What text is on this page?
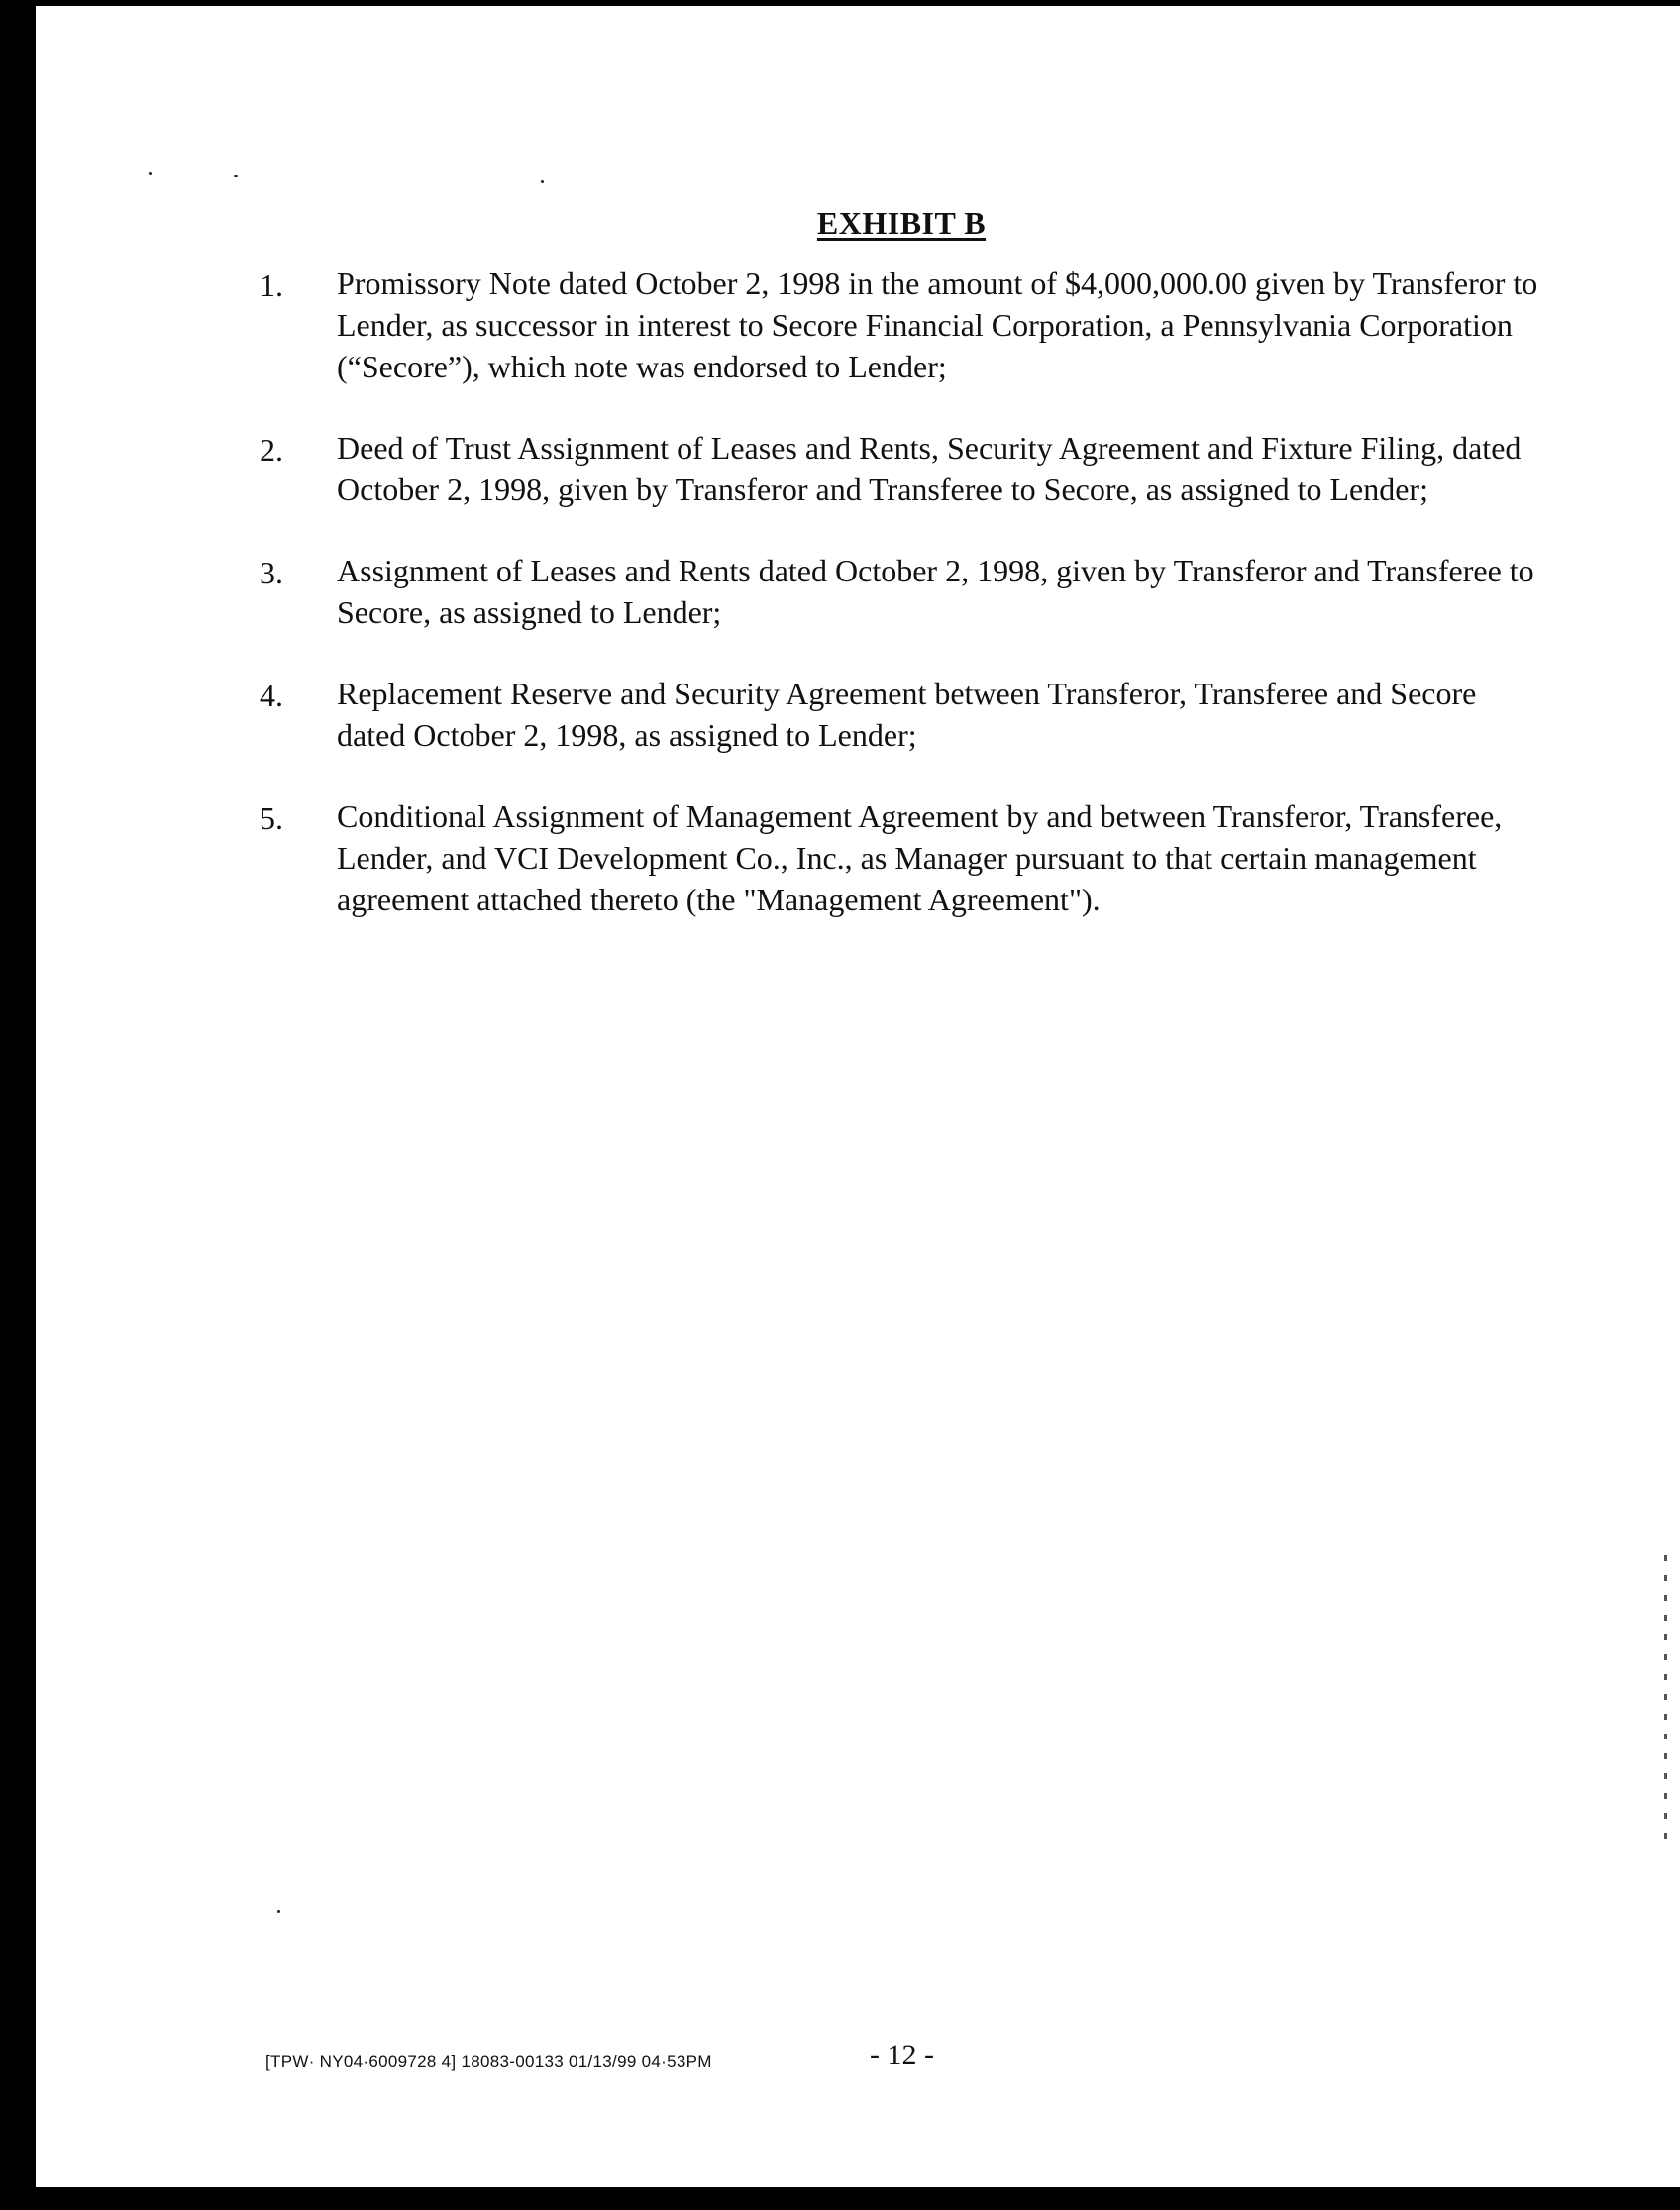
EXHIBIT B
1.	Promissory Note dated October 2, 1998 in the amount of $4,000,000.00 given by Transferor to Lender, as successor in interest to Secore Financial Corporation, a Pennsylvania Corporation (“Secore”), which note was endorsed to Lender;
2.	Deed of Trust Assignment of Leases and Rents, Security Agreement and Fixture Filing, dated October 2, 1998, given by Transferor and Transferee to Secore, as assigned to Lender;
3.	Assignment of Leases and Rents dated October 2, 1998, given by Transferor and Transferee to Secore, as assigned to Lender;
4.	Replacement Reserve and Security Agreement between Transferor, Transferee and Secore dated October 2, 1998, as assigned to Lender;
5.	Conditional Assignment of Management Agreement by and between Transferor, Transferee, Lender, and VCI Development Co., Inc., as Manager pursuant to that certain management agreement attached thereto (the "Management Agreement").
[TPW· NY04·6009728 4] 18083-00133 01/13/99 04·53PM	- 12 -
